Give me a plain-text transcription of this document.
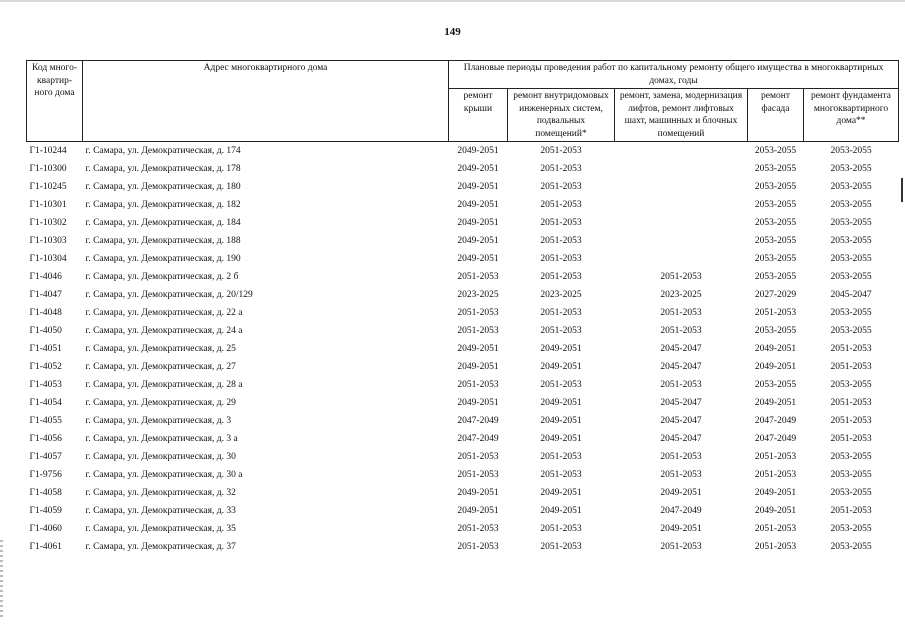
149
Код много-квартир-ного дома	Адрес многоквартирного дома	Плановые периоды проведения работ по капитальному ремонту общего имущества в многоквартирных домах, годы				
		ремонт крыши	ремонт внутридомовых инженерных систем, подвальных помещений*	ремонт, замена, модернизация лифтов, ремонт лифтовых шахт, машинных и блочных помещений	ремонт фасада	ремонт фундамента многоквартирного дома**
Г1-10244	г. Самара, ул. Демократическая, д. 174	2049-2051	2051-2053		2053-2055	2053-2055
Г1-10300	г. Самара, ул. Демократическая, д. 178	2049-2051	2051-2053		2053-2055	2053-2055
Г1-10245	г. Самара, ул. Демократическая, д. 180	2049-2051	2051-2053		2053-2055	2053-2055
Г1-10301	г. Самара, ул. Демократическая, д. 182	2049-2051	2051-2053		2053-2055	2053-2055
Г1-10302	г. Самара, ул. Демократическая, д. 184	2049-2051	2051-2053		2053-2055	2053-2055
Г1-10303	г. Самара, ул. Демократическая, д. 188	2049-2051	2051-2053		2053-2055	2053-2055
Г1-10304	г. Самара, ул. Демократическая, д. 190	2049-2051	2051-2053		2053-2055	2053-2055
Г1-4046	г. Самара, ул. Демократическая, д. 2 б	2051-2053	2051-2053	2051-2053	2053-2055	2053-2055
Г1-4047	г. Самара, ул. Демократическая, д. 20/129	2023-2025	2023-2025	2023-2025	2027-2029	2045-2047
Г1-4048	г. Самара, ул. Демократическая, д. 22 а	2051-2053	2051-2053	2051-2053	2051-2053	2053-2055
Г1-4050	г. Самара, ул. Демократическая, д. 24 а	2051-2053	2051-2053	2051-2053	2053-2055	2053-2055
Г1-4051	г. Самара, ул. Демократическая, д. 25	2049-2051	2049-2051	2045-2047	2049-2051	2051-2053
Г1-4052	г. Самара, ул. Демократическая, д. 27	2049-2051	2049-2051	2045-2047	2049-2051	2051-2053
Г1-4053	г. Самара, ул. Демократическая, д. 28 а	2051-2053	2051-2053	2051-2053	2053-2055	2053-2055
Г1-4054	г. Самара, ул. Демократическая, д. 29	2049-2051	2049-2051	2045-2047	2049-2051	2051-2053
Г1-4055	г. Самара, ул. Демократическая, д. 3	2047-2049	2049-2051	2045-2047	2047-2049	2051-2053
Г1-4056	г. Самара, ул. Демократическая, д. 3 а	2047-2049	2049-2051	2045-2047	2047-2049	2051-2053
Г1-4057	г. Самара, ул. Демократическая, д. 30	2051-2053	2051-2053	2051-2053	2051-2053	2053-2055
Г1-9756	г. Самара, ул. Демократическая, д. 30 а	2051-2053	2051-2053	2051-2053	2051-2053	2053-2055
Г1-4058	г. Самара, ул. Демократическая, д. 32	2049-2051	2049-2051	2049-2051	2049-2051	2053-2055
Г1-4059	г. Самара, ул. Демократическая, д. 33	2049-2051	2049-2051	2047-2049	2049-2051	2051-2053
Г1-4060	г. Самара, ул. Демократическая, д. 35	2051-2053	2051-2053	2049-2051	2051-2053	2053-2055
Г1-4061	г. Самара, ул. Демократическая, д. 37	2051-2053	2051-2053	2051-2053	2051-2053	2053-2055
